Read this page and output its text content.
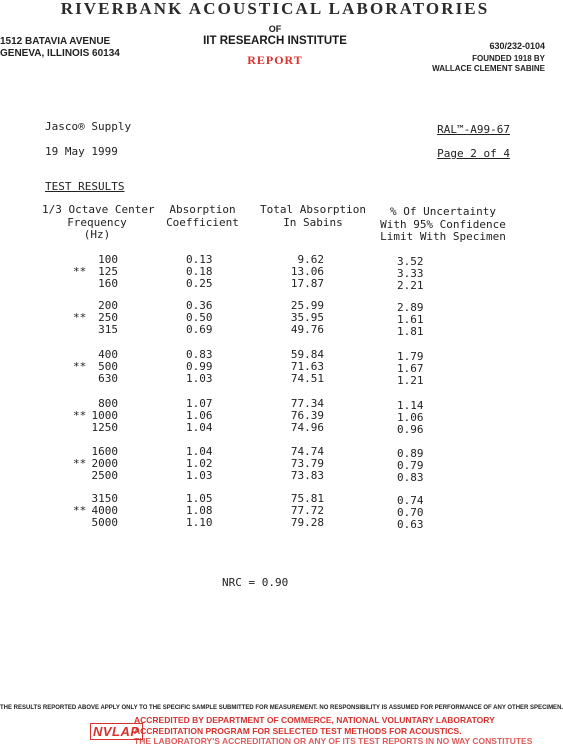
RIVERBANK ACOUSTICAL LABORATORIES
1512 BATAVIA AVENUE
GENEVA, ILLINOIS 60134
OF
IIT RESEARCH INSTITUTE
REPORT
630/232-0104
FOUNDED 1918 BY
WALLACE CLEMENT SABINE
Jasco® Supply	RAL™-A99-67
19 May 1999	Page 2 of 4
TEST RESULTS
1/3 Octave Center
Frequency
(Hz)
Absorption
Coefficient
Total Absorption
In Sabins
% Of Uncertainty
With 95% Confidence
Limit With Specimen
100	0.13	9.62	3.52
**	125	0.18	13.06	3.33
160	0.25	17.87	2.21
200	0.36	25.99	2.89
**	250	0.50	35.95	1.61
315	0.69	49.76	1.81
400	0.83	59.84	1.79
**	500	0.99	71.63	1.67
630	1.03	74.51	1.21
800	1.07	77.34	1.14
** 1000	1.06	76.39	1.06
1250	1.04	74.96	0.96
1600	1.04	74.74	0.89
** 2000	1.02	73.79	0.79
2500	1.03	73.83	0.83
3150	1.05	75.81	0.74
** 4000	1.08	77.72	0.70
5000	1.10	79.28	0.63
NRC = 0.90
THE RESULTS REPORTED ABOVE APPLY ONLY TO THE SPECIFIC SAMPLE SUBMITTED FOR MEASUREMENT. NO RESPONSIBILITY IS ASSUMED FOR PERFORMANCE OF ANY OTHER SPECIMEN.
NVLAP
ACCREDITED BY DEPARTMENT OF COMMERCE, NATIONAL VOLUNTARY LABORATORY
ACCREDITATION PROGRAM FOR SELECTED TEST METHODS FOR ACOUSTICS.
THE LABORATORY'S ACCREDITATION OR ANY OF ITS TEST REPORTS IN NO WAY CONSTITUTES
